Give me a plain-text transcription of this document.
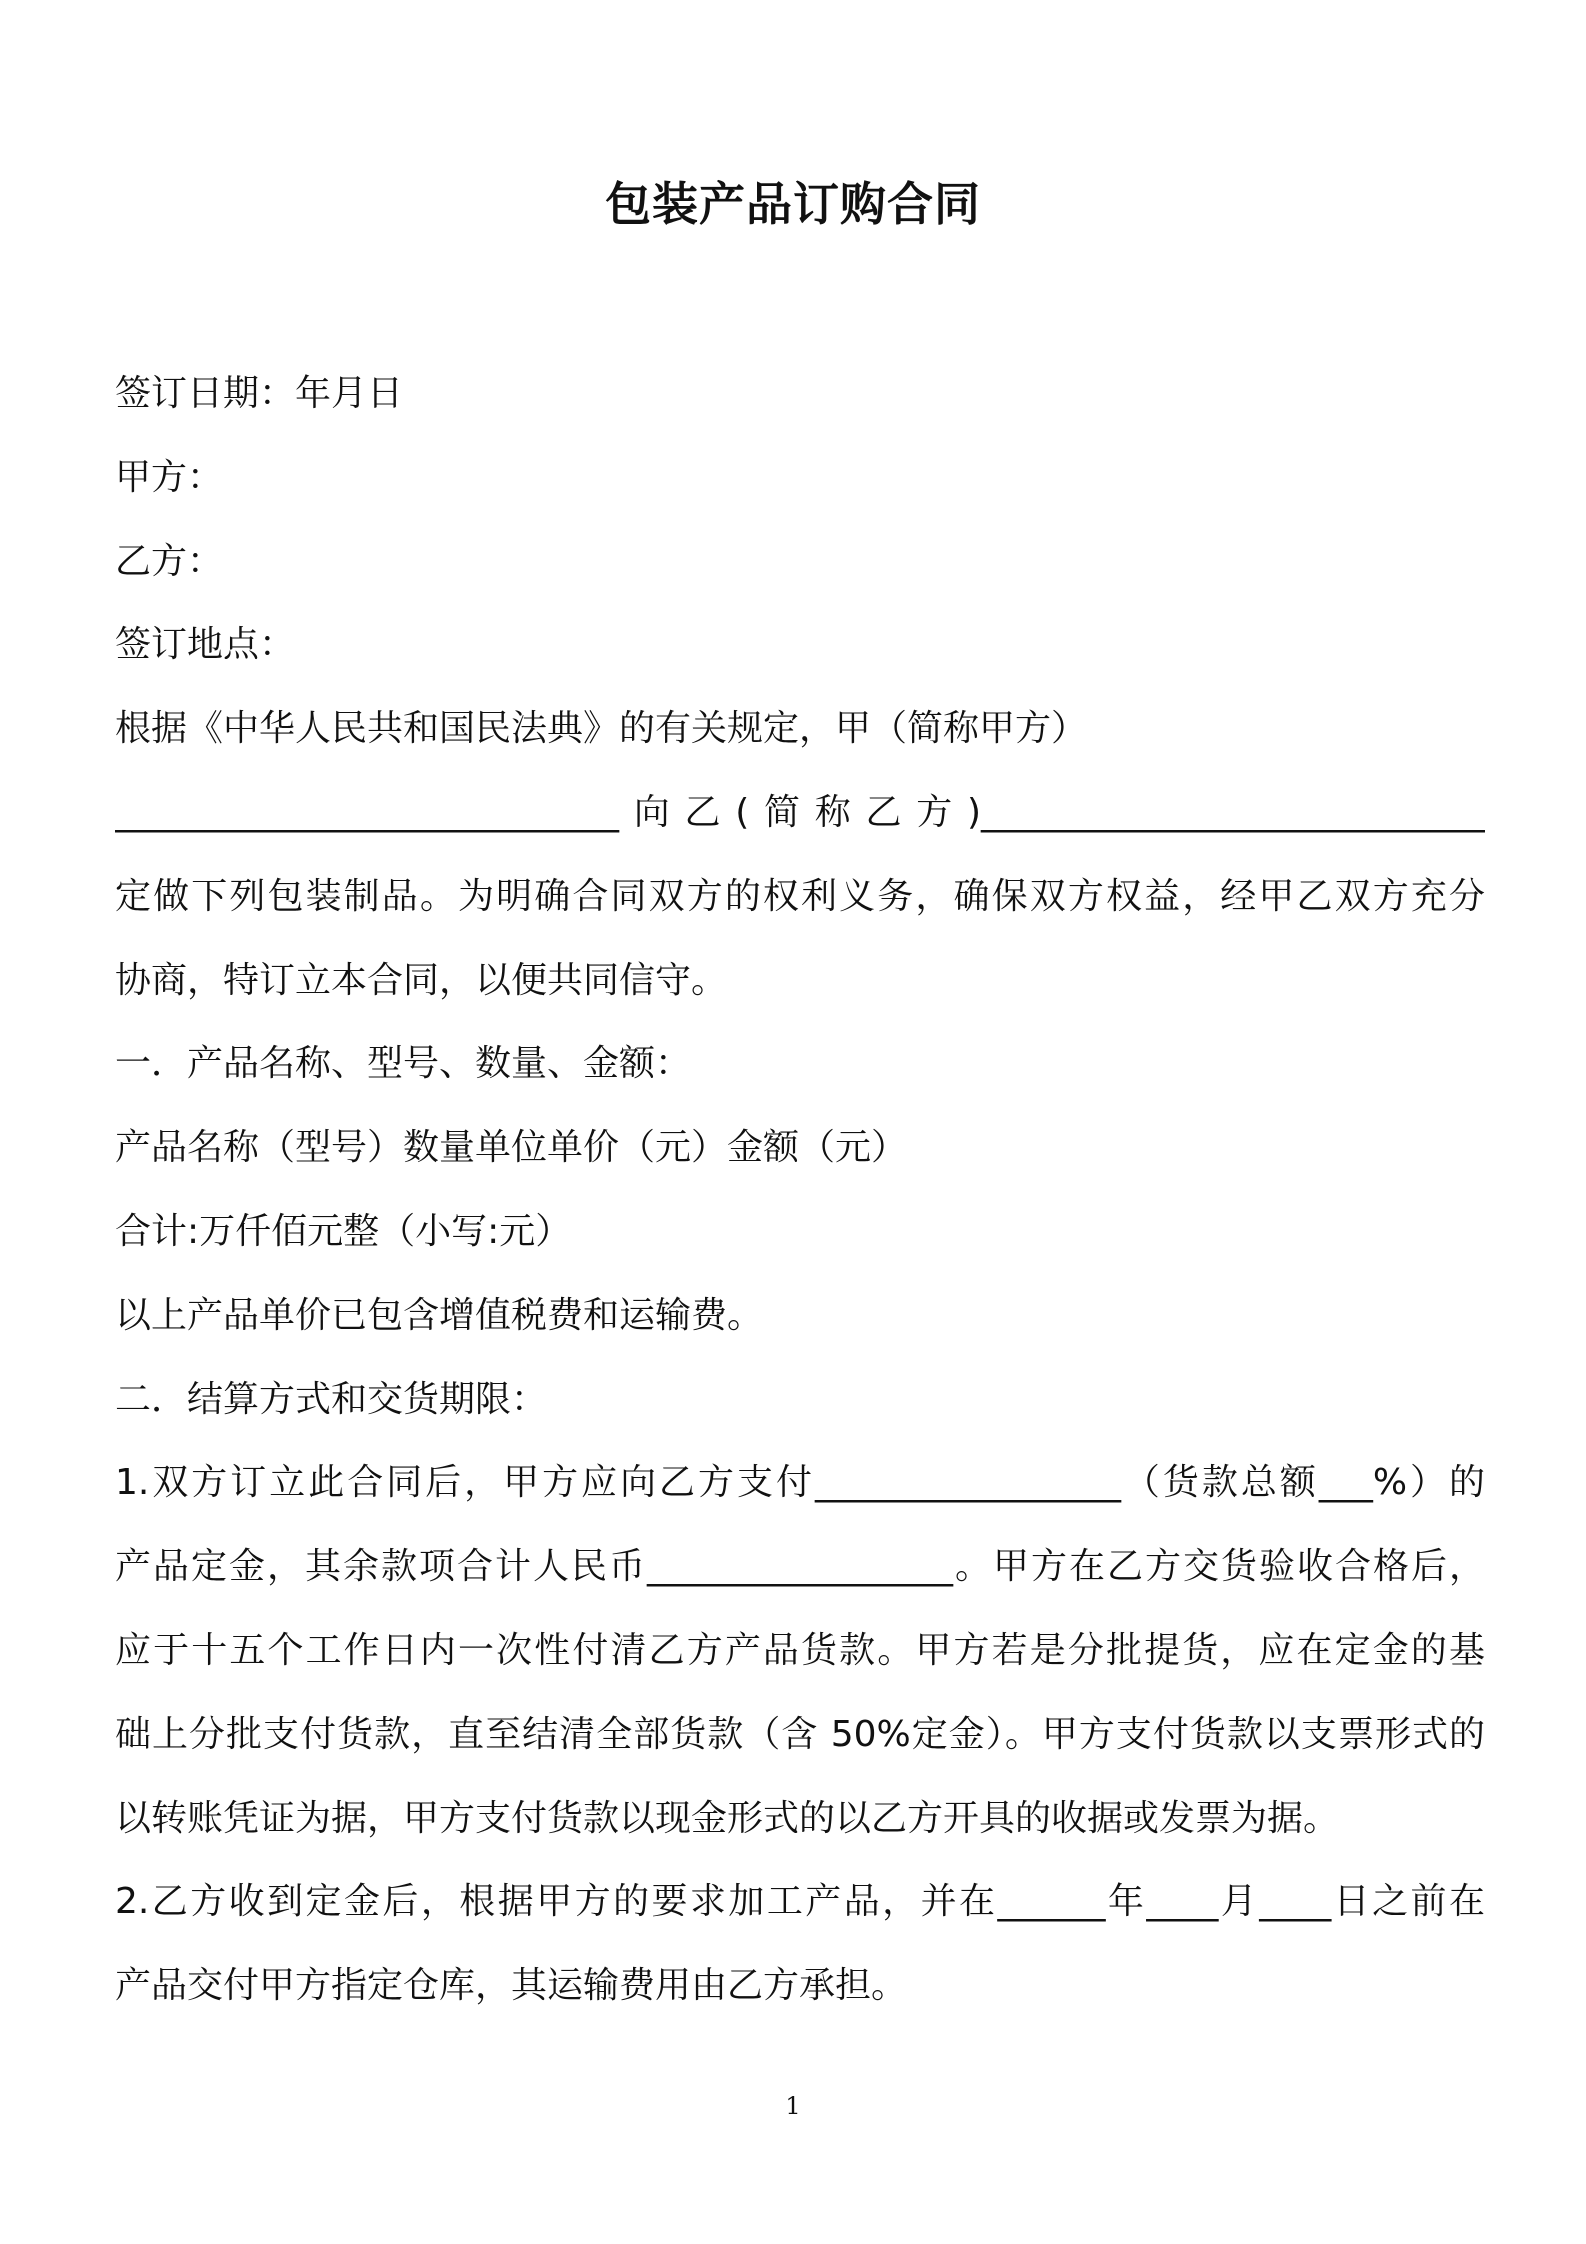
包装产品订购合同
签订日期：年月日
甲方：
乙方：
签订地点：
根据《中华人民共和国民法典》的有关规定，甲（简称甲方）
____________________________向乙(简称乙方)____________________________
定做下列包装制品。为明确合同双方的权利义务，确保双方权益，经甲乙双方充分
协商，特订立本合同，以便共同信守。
一．产品名称、型号、数量、金额：
产品名称（型号）数量单位单价（元）金额（元）
合计:万仟佰元整（小写:元）
以上产品单价已包含增值税费和运输费。
二．结算方式和交货期限：
1.双方订立此合同后，甲方应向乙方支付_________________（货款总额___%）的
产品定金，其余款项合计人民币_________________。甲方在乙方交货验收合格后，
应于十五个工作日内一次性付清乙方产品货款。甲方若是分批提货，应在定金的基
础上分批支付货款，直至结清全部货款（含 50%定金）。甲方支付货款以支票形式的
以转账凭证为据，甲方支付货款以现金形式的以乙方开具的收据或发票为据。
2.乙方收到定金后，根据甲方的要求加工产品，并在______年____月____日之前在
产品交付甲方指定仓库，其运输费用由乙方承担。
1
